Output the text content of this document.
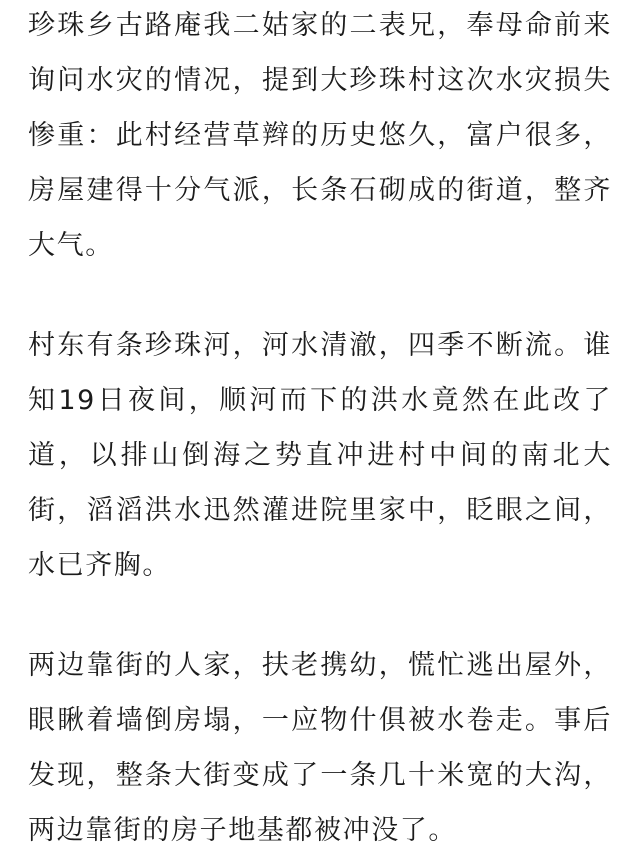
珍珠乡古路庵我二姑家的二表兄，奉母命前来
询问水灾的情况，提到大珍珠村这次水灾损失
惨重：此村经营草辫的历史悠久，富户很多，
房屋建得十分气派，长条石砌成的街道，整齐
大气。
村东有条珍珠河，河水清澈，四季不断流。谁
知19日夜间，顺河而下的洪水竟然在此改了
道，以排山倒海之势直冲进村中间的南北大
街，滔滔洪水迅然灌进院里家中，眨眼之间，
水已齐胸。
两边靠街的人家，扶老携幼，慌忙逃出屋外，
眼瞅着墙倒房塌，一应物什俱被水卷走。事后
发现，整条大街变成了一条几十米宽的大沟，
两边靠街的房子地基都被冲没了。
